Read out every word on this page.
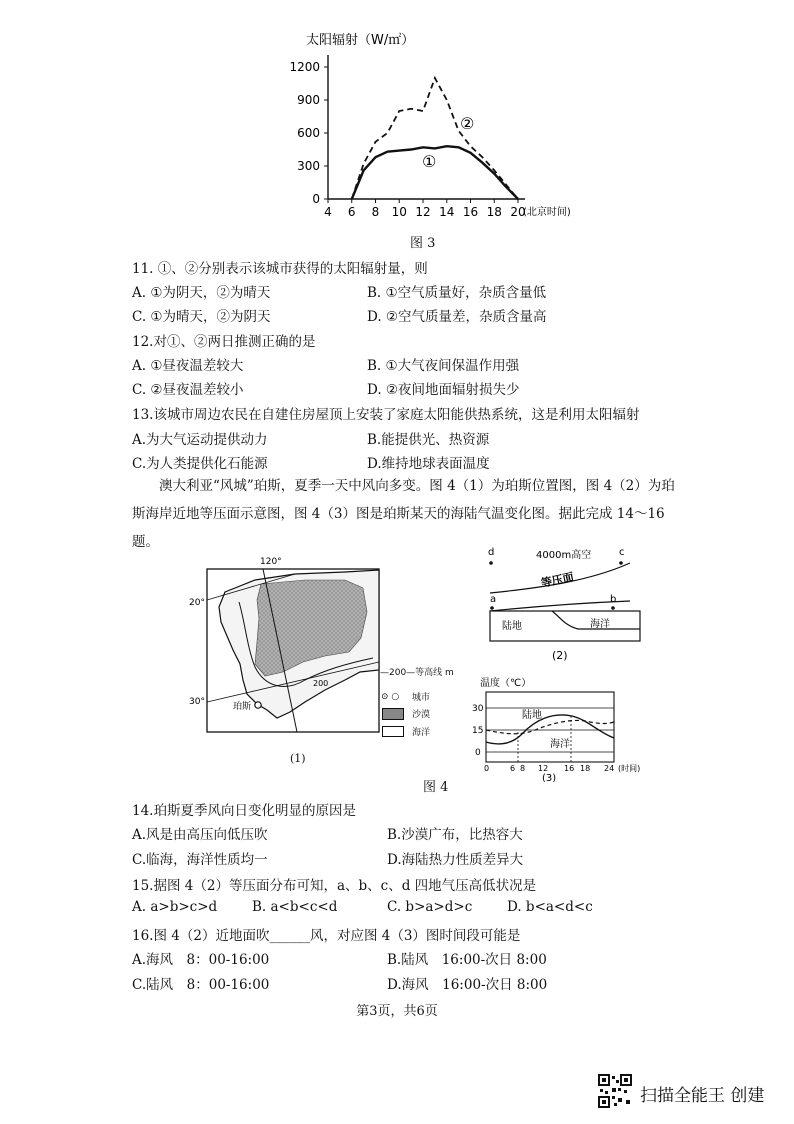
太阳辐射（W/㎡）
1200
900
600
300
0
4 6 8 10 12 14 16 18 20
(北京时间)
①
②
图 3
11. ①、②分别表示该城市获得的太阳辐射量，则
A. ①为阴天，②为晴天	B. ①空气质量好，杂质含量低
C. ①为晴天，②为阴天	D. ②空气质量差，杂质含量高
12.对①、②两日推测正确的是
A. ①昼夜温差较大	B. ①大气夜间保温作用强
C. ②昼夜温差较小	D. ②夜间地面辐射损失少
13.该城市周边农民在自建住房屋顶上安装了家庭太阳能供热系统，这是利用太阳辐射
A.为大气运动提供动力	B.能提供光、热资源
C.为人类提供化石能源	D.维持地球表面温度
澳大利亚“风城”珀斯，夏季一天中风向多变。图 4（1）为珀斯位置图，图 4（2）为珀斯海岸近地等压面示意图，图 4（3）图是珀斯某天的海陆气温变化图。据此完成 14～16 题。
珀斯
120°
20°
30°
200
—200—等高线 m
⊙ ○ 城市
沙漠
海洋
(1)
4000m高空
d	c
等压面
a	b
陆地	海洋
(2)
温度（℃）
30
15
0
陆地
海洋
0	6 8 12 16 18 24 (时间)
(3)
图 4
14.珀斯夏季风向日变化明显的原因是
A.风是由高压向低压吹	B.沙漠广布，比热容大
C.临海，海洋性质均一	D.海陆热力性质差异大
15.据图 4（2）等压面分布可知，a、b、c、d 四地气压高低状况是
A. a>b>c>d	B. a<b<c<d	C. b>a>d>c	D. b<a<d<c
16.图 4（2）近地面吹______风，对应图 4（3）图时间段可能是
A.海风　8：00-16:00	B.陆风　16:00-次日 8:00
C.陆风　8：00-16:00	D.海风　16:00-次日 8:00
第3页，共6页
扫描全能王 创建
